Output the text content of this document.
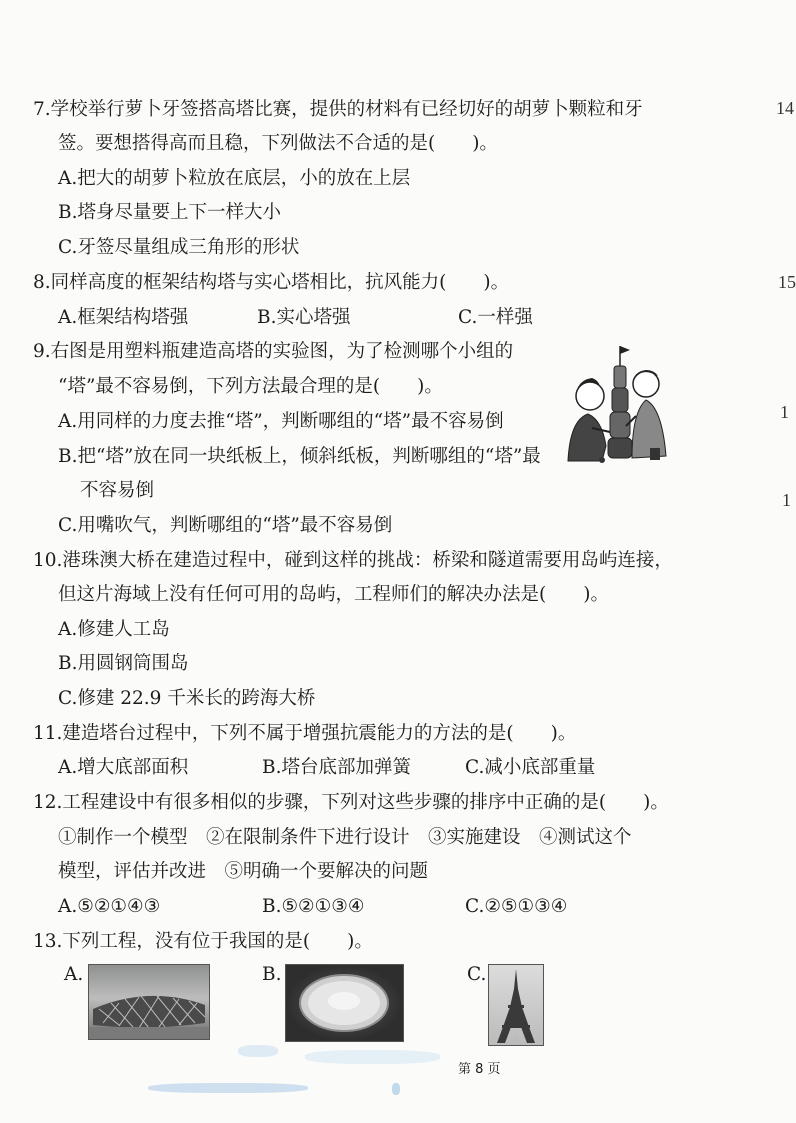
14
15
1
1
7.学校举行萝卜牙签搭高塔比赛，提供的材料有已经切好的胡萝卜颗粒和牙
签。要想搭得高而且稳，下列做法不合适的是(　　)。
A.把大的胡萝卜粒放在底层，小的放在上层
B.塔身尽量要上下一样大小
C.牙签尽量组成三角形的形状
8.同样高度的框架结构塔与实心塔相比，抗风能力(　　)。
A.框架结构塔强	B.实心塔强	C.一样强
9.右图是用塑料瓶建造高塔的实验图，为了检测哪个小组的
“塔”最不容易倒，下列方法最合理的是(　　)。
A.用同样的力度去推“塔”，判断哪组的“塔”最不容易倒
B.把“塔”放在同一块纸板上，倾斜纸板，判断哪组的“塔”最
不容易倒
C.用嘴吹气，判断哪组的“塔”最不容易倒
10.港珠澳大桥在建造过程中，碰到这样的挑战：桥梁和隧道需要用岛屿连接，
但这片海域上没有任何可用的岛屿，工程师们的解决办法是(　　)。
A.修建人工岛
B.用圆钢筒围岛
C.修建 22.9 千米长的跨海大桥
11.建造塔台过程中，下列不属于增强抗震能力的方法的是(　　)。
A.增大底部面积	B.塔台底部加弹簧	C.减小底部重量
12.工程建设中有很多相似的步骤，下列对这些步骤的排序中正确的是(　　)。
①制作一个模型　②在限制条件下进行设计　③实施建设　④测试这个
模型，评估并改进　⑤明确一个要解决的问题
A.⑤②①④③	B.⑤②①③④	C.②⑤①③④
13.下列工程，没有位于我国的是(　　)。
A.	B.	C.
第 8 页
